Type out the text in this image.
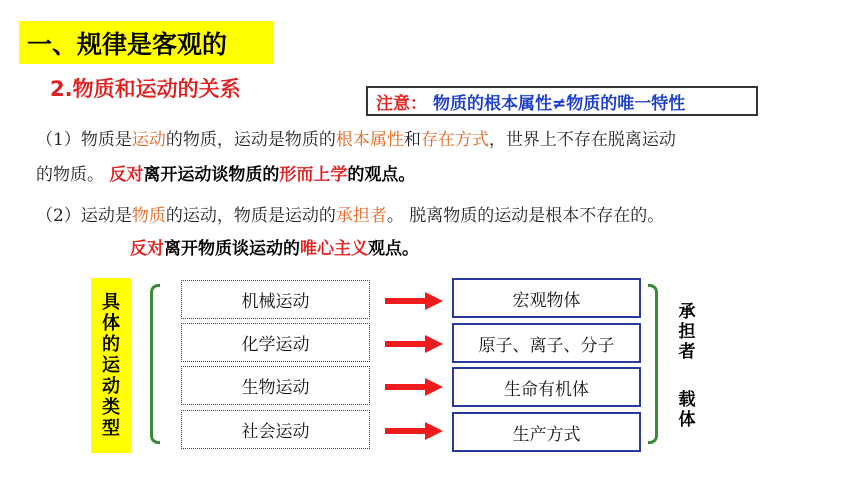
一、规律是客观的
2.物质和运动的关系
注意： 物质的根本属性≠物质的唯一特性
（1）物质是运动的物质，运动是物质的根本属性和存在方式，世界上不存在脱离运动
的物质。 反对离开运动谈物质的形而上学的观点。
（2）运动是物质的运动，物质是运动的承担者。 脱离物质的运动是根本不存在的。
反对离开物质谈运动的唯心主义观点。
具
体
的
运
动
类
型
机械运动
化学运动
生物运动
社会运动
宏观物体
原子、离子、分子
生命有机体
生产方式
承
担
者
载
体
